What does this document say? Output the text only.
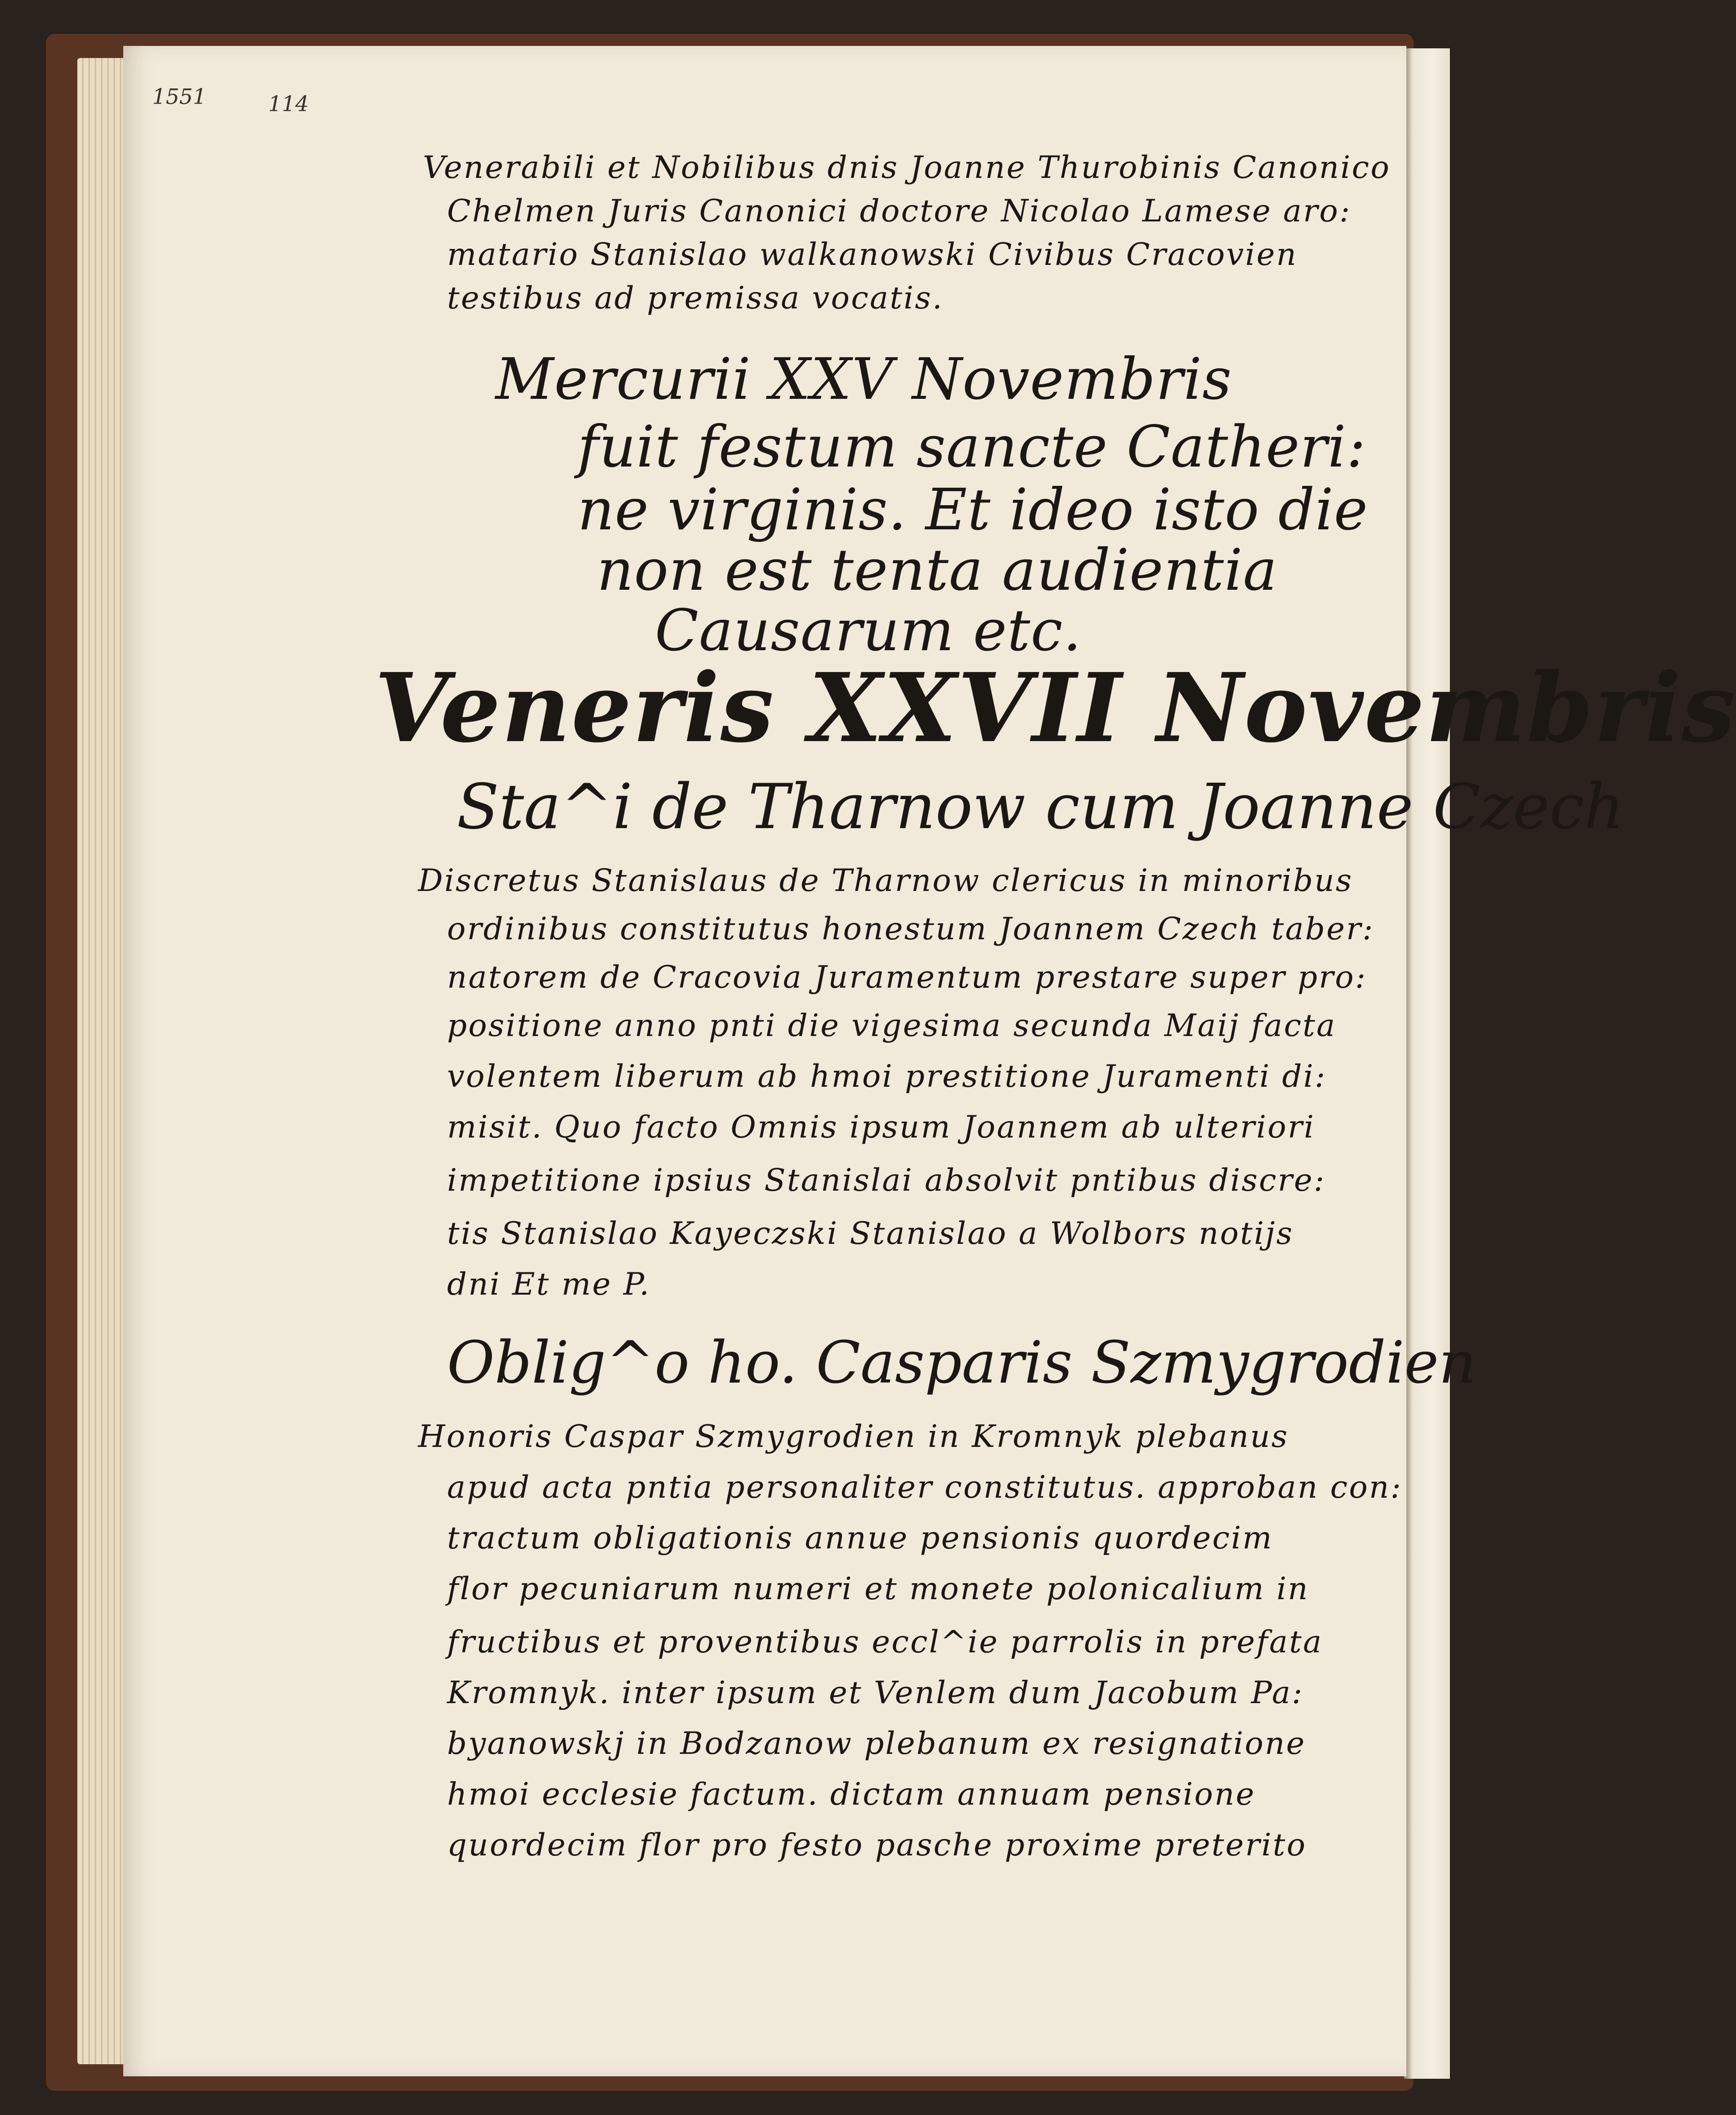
1551	114
Venerabili et Nobilibus dnis Joanne Thurobinis Canonico
Chelmen Juris Canonici doctore Nicolao Lamese aro:
matario Stanislao walkanowski Civibus Cracovien
testibus ad premissa vocatis.
Mercurii XXV Novembris
fuit festum sancte Catheri:
ne virginis. Et ideo isto die
non est tenta audientia
Causarum etc.
Veneris XXVII Novembris
Sta^i de Tharnow cum Joanne Czech
Discretus Stanislaus de Tharnow clericus in minoribus
ordinibus constitutus honestum Joannem Czech taber:
natorem de Cracovia Juramentum prestare super pro:
positione anno pnti die vigesima secunda Maij facta
volentem liberum ab hmoi prestitione Juramenti di:
misit. Quo facto Omnis ipsum Joannem ab ulteriori
impetitione ipsius Stanislai absolvit pntibus discre:
tis Stanislao Kayeczski Stanislao a Wolbors notijs
dni Et me P.
Oblig^o ho. Casparis Szmygrodien
Honoris Caspar Szmygrodien in Kromnyk plebanus
apud acta pntia personaliter constitutus. approban con:
tractum obligationis annue pensionis quordecim
flor pecuniarum numeri et monete polonicalium in
fructibus et proventibus eccl^ie parrolis in prefata
Kromnyk. inter ipsum et Venlem dum Jacobum Pa:
byanowskj in Bodzanow plebanum ex resignatione
hmoi ecclesie factum. dictam annuam pensione
quordecim flor pro festo pasche proxime preterito
